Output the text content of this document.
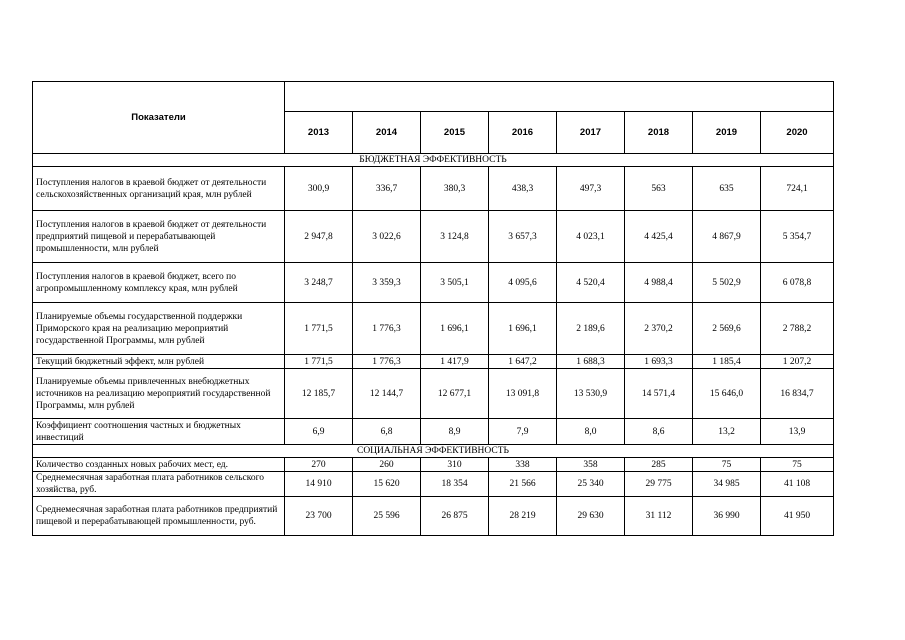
Показатели								
	2013	2014	2015	2016	2017	2018	2019	2020
БЮДЖЕТНАЯ ЭФФЕКТИВНОСТЬ								
Поступления налогов в краевой бюджет от деятельности сельскохозяйственных организаций края, млн рублей	300,9	336,7	380,3	438,3	497,3	563	635	724,1
Поступления налогов в краевой бюджет от деятельности предприятий пищевой и перерабатывающей промышленности, млн рублей	2 947,8	3 022,6	3 124,8	3 657,3	4 023,1	4 425,4	4 867,9	5 354,7
Поступления налогов в краевой бюджет, всего по агропромышленному комплексу края, млн рублей	3 248,7	3 359,3	3 505,1	4 095,6	4 520,4	4 988,4	5 502,9	6 078,8
Планируемые объемы государственной поддержки Приморского края на реализацию мероприятий государственной Программы, млн рублей	1 771,5	1 776,3	1 696,1	1 696,1	2 189,6	2 370,2	2 569,6	2 788,2
Текущий бюджетный эффект, млн рублей	1 771,5	1 776,3	1 417,9	1 647,2	1 688,3	1 693,3	1 185,4	1 207,2
Планируемые объемы привлеченных внебюджетных источников на реализацию мероприятий государственной Программы, млн рублей	12 185,7	12 144,7	12 677,1	13 091,8	13 530,9	14 571,4	15 646,0	16 834,7
Коэффициент соотношения частных и бюджетных инвестиций	6,9	6,8	8,9	7,9	8,0	8,6	13,2	13,9
СОЦИАЛЬНАЯ ЭФФЕКТИВНОСТЬ								
Количество созданных новых рабочих мест, ед.	270	260	310	338	358	285	75	75
Среднемесячная заработная плата работников сельского хозяйства, руб.	14 910	15 620	18 354	21 566	25 340	29 775	34 985	41 108
Среднемесячная заработная плата работников предприятий пищевой и перерабатывающей промышленности, руб.	23 700	25 596	26 875	28 219	29 630	31 112	36 990	41 950
